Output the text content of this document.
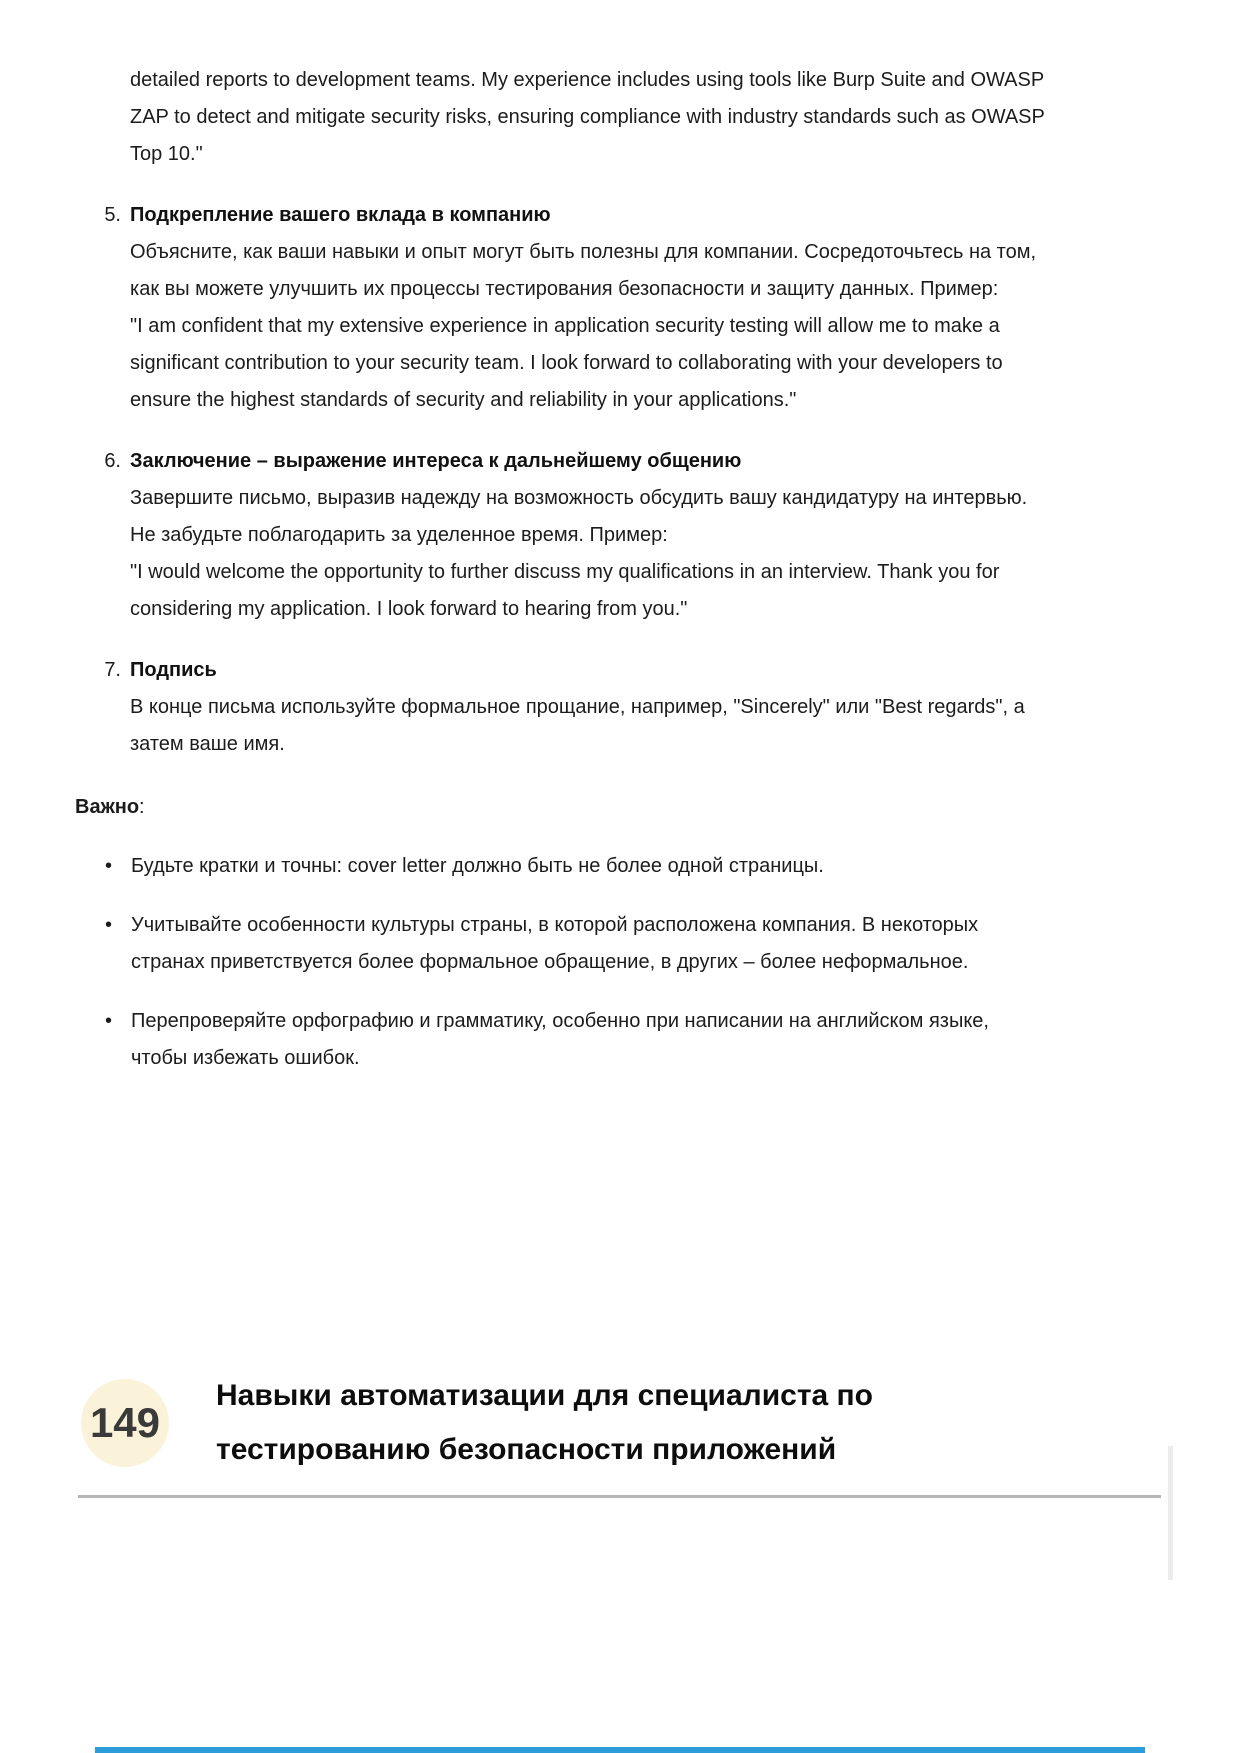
detailed reports to development teams. My experience includes using tools like Burp Suite and OWASP ZAP to detect and mitigate security risks, ensuring compliance with industry standards such as OWASP Top 10."

5. Подкрепление вашего вклада в компанию
Объясните, как ваши навыки и опыт могут быть полезны для компании. Сосредоточьтесь на том, как вы можете улучшить их процессы тестирования безопасности и защиту данных. Пример:
"I am confident that my extensive experience in application security testing will allow me to make a significant contribution to your security team. I look forward to collaborating with your developers to ensure the highest standards of security and reliability in your applications."
6. Заключение – выражение интереса к дальнейшему общению
Завершите письмо, выразив надежду на возможность обсудить вашу кандидатуру на интервью. Не забудьте поблагодарить за уделенное время. Пример:
"I would welcome the opportunity to further discuss my qualifications in an interview. Thank you for considering my application. I look forward to hearing from you."
7. Подпись
В конце письма используйте формальное прощание, например, "Sincerely" или "Best regards", а затем ваше имя.
Важно:
• Будьте кратки и точны: cover letter должно быть не более одной страницы.
• Учитывайте особенности культуры страны, в которой расположена компания. В некоторых странах приветствуется более формальное обращение, в других – более неформальное.
• Перепроверяйте орфографию и грамматику, особенно при написании на английском языке, чтобы избежать ошибок.
149
Навыки автоматизации для специалиста по тестированию безопасности приложений
